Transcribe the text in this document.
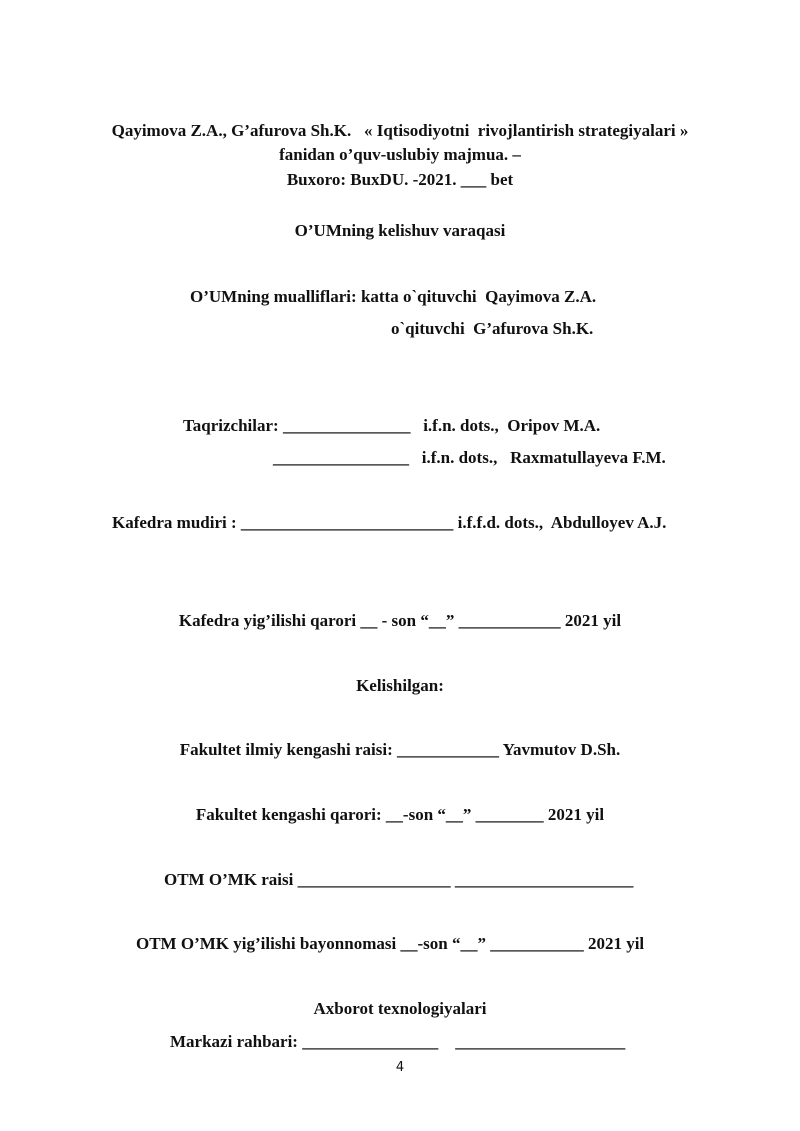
Qayimova Z.A., G’afurova Sh.K.   « Iqtisodiyotni  rivojlantirish strategiyalari »
fanidan o’quv-uslubiy majmua. –
Buxoro: BuxDU. -2021. ___ bet
O’UMning kelishuv varaqasi
O’UMning mualliflari: katta o`qituvchi  Qayimova Z.A.
o`qituvchi  G’afurova Sh.K.
Taqrizchilar: _______________   i.f.n. dots.,  Oripov M.A.
________________   i.f.n. dots.,   Raxmatullayeva F.M.
Kafedra mudiri : _________________________ i.f.f.d. dots.,  Abdulloyev A.J.
Kafedra yig’ilishi qarori __ - son “__” ____________ 2021 yil
Kelishilgan:
Fakultet ilmiy kengashi raisi: ____________ Yavmutov D.Sh.
Fakultet kengashi qarori: __-son “__” ________ 2021 yil
OTM O’MK raisi __________________ _____________________
OTM O’MK yig’ilishi bayonnomasi __-son “__” ___________ 2021 yil
Axborot texnologiyalari
Markazi rahbari: ________________    ____________________
4
